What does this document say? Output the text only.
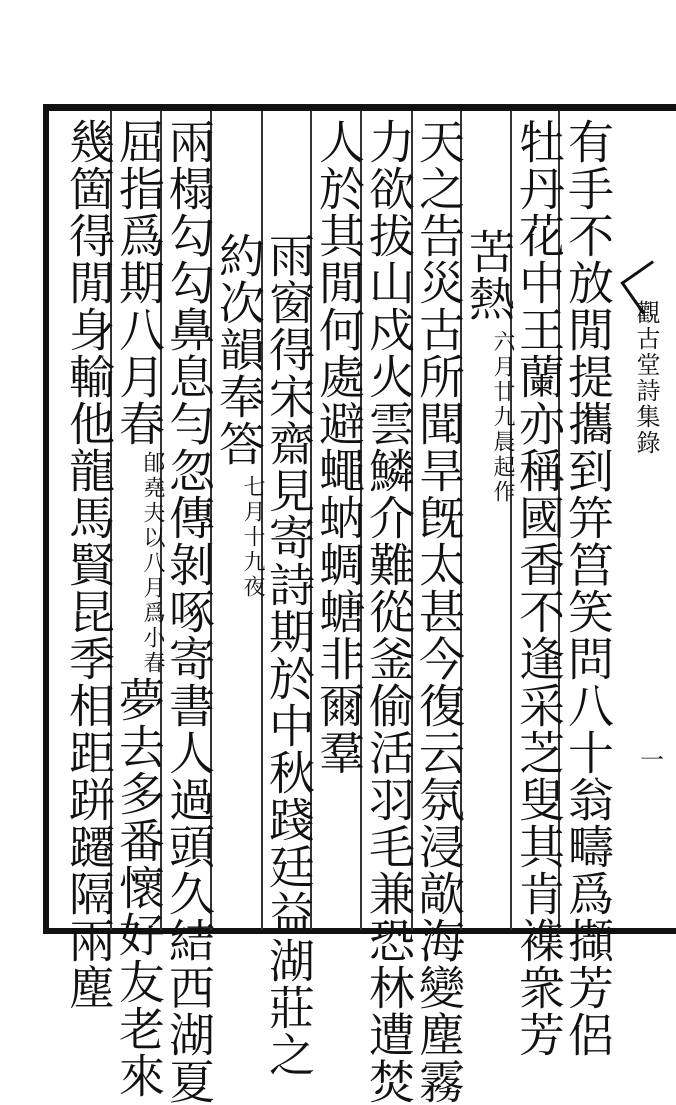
有手不放閒提攜到笄筥笑問八十翁疇爲擷芳侶
牡丹花中王蘭亦稱國香不逢采芝叟其肯襍衆芳
苦熱六月廿九晨起作
天之告災古所聞旱旣太甚今復云氛浸歊海變塵霧
力欲拔山戍火雲鱗介難從釜偷活羽毛兼恐林遭焚
人於其閒何處避蠅蚋蜩螗非爾羣
雨窗得宋齋見寄詩期於中秋踐廷益湖莊之
約次韻奉答七月十九夜
兩榻勾勾鼻息勻忽傳剝啄寄書人過頭久結西湖夏
屈指爲期八月春郋堯夫以八月爲小春夢去多番懷好友老來
幾箇得閒身輸他龍馬賢昆季相距跰躚隔兩塵	觀古堂詩集錄
一
